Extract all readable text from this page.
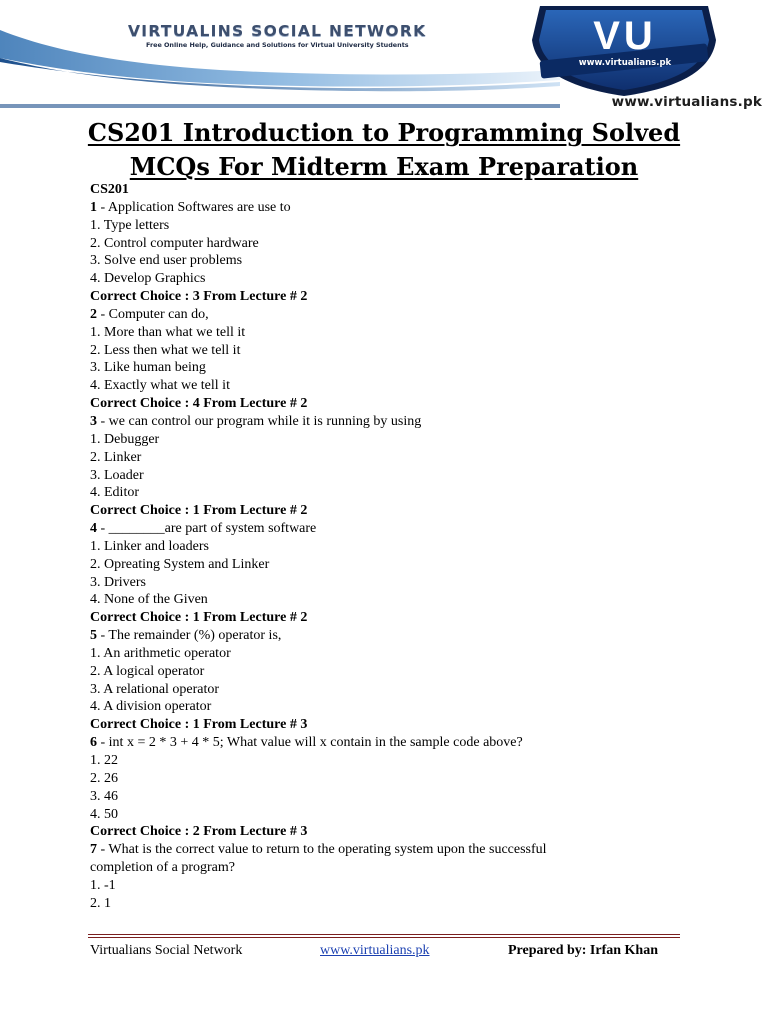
VIRTUALINS SOCIAL NETWORK
Free Online Help, Guidance and Solutions for Virtual University Students	VU
www.virtualians.pk
www.virtualians.pk
CS201 Introduction to Programming Solved
MCQs For Midterm Exam Preparation
CS201
1 - Application Softwares are use to
1. Type letters
2. Control computer hardware
3. Solve end user problems
4. Develop Graphics
Correct Choice : 3 From Lecture # 2
2 - Computer can do,
1. More than what we tell it
2. Less then what we tell it
3. Like human being
4. Exactly what we tell it
Correct Choice : 4 From Lecture # 2
3 - we can control our program while it is running by using
1. Debugger
2. Linker
3. Loader
4. Editor
Correct Choice : 1 From Lecture # 2
4 - ________are part of system software
1. Linker and loaders
2. Opreating System and Linker
3. Drivers
4. None of the Given
Correct Choice : 1 From Lecture # 2
5 - The remainder (%) operator is,
1. An arithmetic operator
2. A logical operator
3. A relational operator
4. A division operator
Correct Choice : 1 From Lecture # 3
6 - int x = 2 * 3 + 4 * 5; What value will x contain in the sample code above?
1. 22
2. 26
3. 46
4. 50
Correct Choice : 2 From Lecture # 3
7 - What is the correct value to return to the operating system upon the successful
completion of a program?
1. -1
2. 1
Virtualians Social Network	www.virtualians.pk	Prepared by: Irfan Khan
